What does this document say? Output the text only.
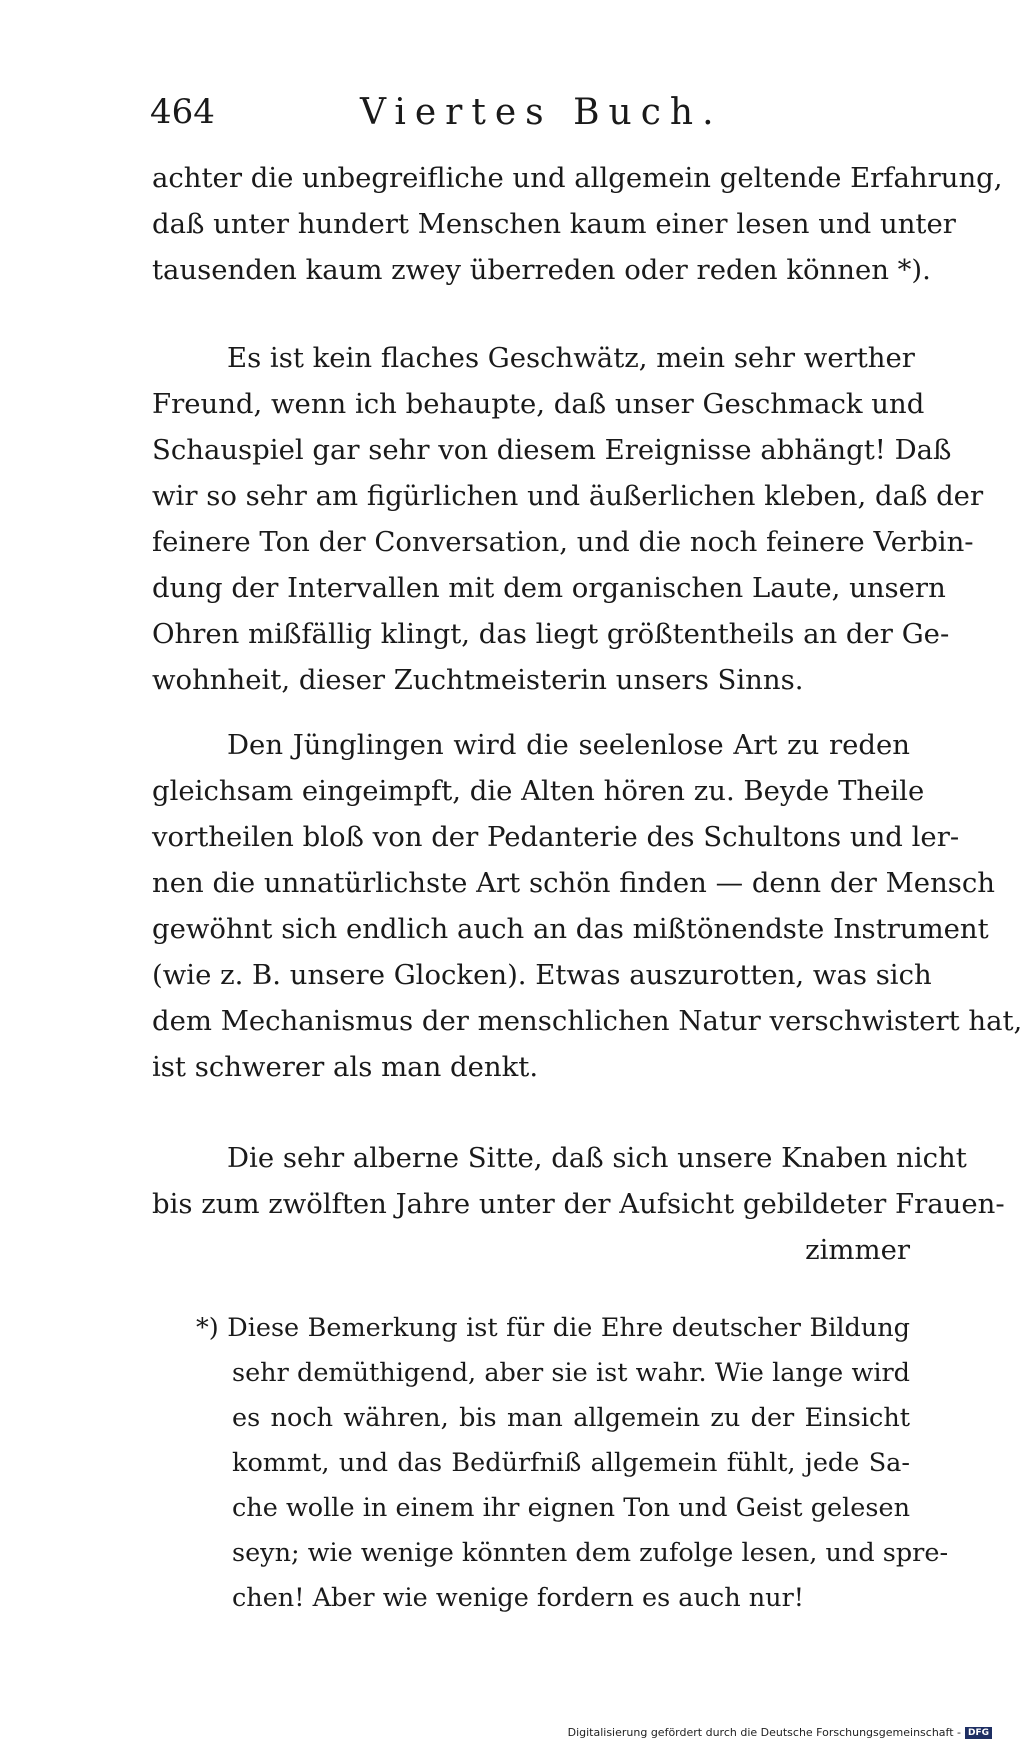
464	Viertes Buch.
achter die unbegreifliche und allgemein geltende Erfahrung,
daß unter hundert Menschen kaum einer lesen und unter
tausenden kaum zwey überreden oder reden können *).
Es ist kein flaches Geschwätz, mein sehr werther
Freund, wenn ich behaupte, daß unser Geschmack und
Schauspiel gar sehr von diesem Ereignisse abhängt! Daß
wir so sehr am figürlichen und äußerlichen kleben, daß der
feinere Ton der Conversation, und die noch feinere Verbin-
dung der Intervallen mit dem organischen Laute, unsern
Ohren mißfällig klingt, das liegt größtentheils an der Ge-
wohnheit, dieser Zuchtmeisterin unsers Sinns.
Den Jünglingen wird die seelenlose Art zu reden
gleichsam eingeimpft, die Alten hören zu. Beyde Theile
vortheilen bloß von der Pedanterie des Schultons und ler-
nen die unnatürlichste Art schön finden — denn der Mensch
gewöhnt sich endlich auch an das mißtönendste Instrument
(wie z. B. unsere Glocken). Etwas auszurotten, was sich
dem Mechanismus der menschlichen Natur verschwistert hat,
ist schwerer als man denkt.
Die sehr alberne Sitte, daß sich unsere Knaben nicht
bis zum zwölften Jahre unter der Aufsicht gebildeter Frauen-
zimmer
*) Diese Bemerkung ist für die Ehre deutscher Bildung
sehr demüthigend, aber sie ist wahr. Wie lange wird
es noch währen, bis man allgemein zu der Einsicht
kommt, und das Bedürfniß allgemein fühlt, jede Sa-
che wolle in einem ihr eignen Ton und Geist gelesen
seyn; wie wenige könnten dem zufolge lesen, und spre-
chen! Aber wie wenige fordern es auch nur!
Digitalisierung gefördert durch die Deutsche Forschungsgemeinschaft - DFG
